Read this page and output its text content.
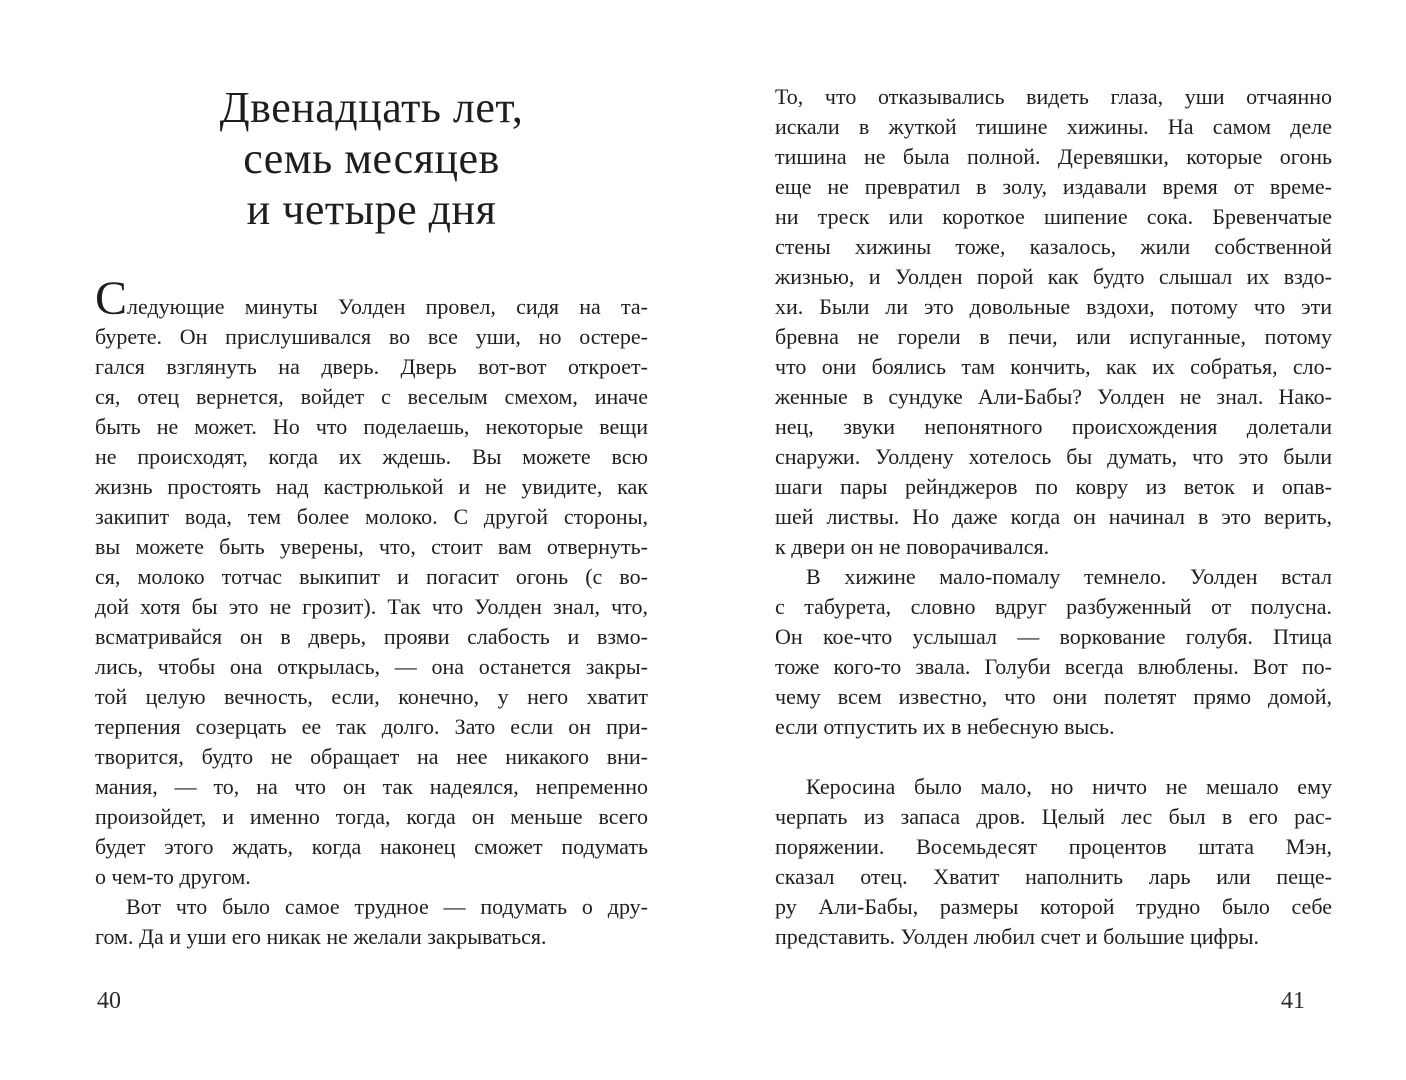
Двенадцать лет,
семь месяцев
и четыре дня
Следующие минуты Уолден провел, сидя на та-
бурете. Он прислушивался во все уши, но остере-
гался взглянуть на дверь. Дверь вот-вот откроет-
ся, отец вернется, войдет с веселым смехом, иначе
быть не может. Но что поделаешь, некоторые вещи
не происходят, когда их ждешь. Вы можете всю
жизнь простоять над кастрюлькой и не увидите, как
закипит вода, тем более молоко. С другой стороны,
вы можете быть уверены, что, стоит вам отвернуть-
ся, молоко тотчас выкипит и погасит огонь (с во-
дой хотя бы это не грозит). Так что Уолден знал, что,
всматривайся он в дверь, прояви слабость и взмо-
лись, чтобы она открылась, — она останется закры-
той целую вечность, если, конечно, у него хватит
терпения созерцать ее так долго. Зато если он при-
творится, будто не обращает на нее никакого вни-
мания, — то, на что он так надеялся, непременно
произойдет, и именно тогда, когда он меньше всего
будет этого ждать, когда наконец сможет подумать
о чем-то другом.
Вот что было самое трудное — подумать о дру-
гом. Да и уши его никак не желали закрываться.
40
То, что отказывались видеть глаза, уши отчаянно
искали в жуткой тишине хижины. На самом деле
тишина не была полной. Деревяшки, которые огонь
еще не превратил в золу, издавали время от време-
ни треск или короткое шипение сока. Бревенчатые
стены хижины тоже, казалось, жили собственной
жизнью, и Уолден порой как будто слышал их вздо-
хи. Были ли это довольные вздохи, потому что эти
бревна не горели в печи, или испуганные, потому
что они боялись там кончить, как их собратья, сло-
женные в сундуке Али-Бабы? Уолден не знал. Нако-
нец, звуки непонятного происхождения долетали
снаружи. Уолдену хотелось бы думать, что это были
шаги пары рейнджеров по ковру из веток и опав-
шей листвы. Но даже когда он начинал в это верить,
к двери он не поворачивался.
В хижине мало-помалу темнело. Уолден встал
с табурета, словно вдруг разбуженный от полусна.
Он кое-что услышал — воркование голубя. Птица
тоже кого-то звала. Голуби всегда влюблены. Вот по-
чему всем известно, что они полетят прямо домой,
если отпустить их в небесную высь.
Керосина было мало, но ничто не мешало ему
черпать из запаса дров. Целый лес был в его рас-
поряжении. Восемьдесят процентов штата Мэн,
сказал отец. Хватит наполнить ларь или пеще-
ру Али-Бабы, размеры которой трудно было себе
представить. Уолден любил счет и большие цифры.
41
